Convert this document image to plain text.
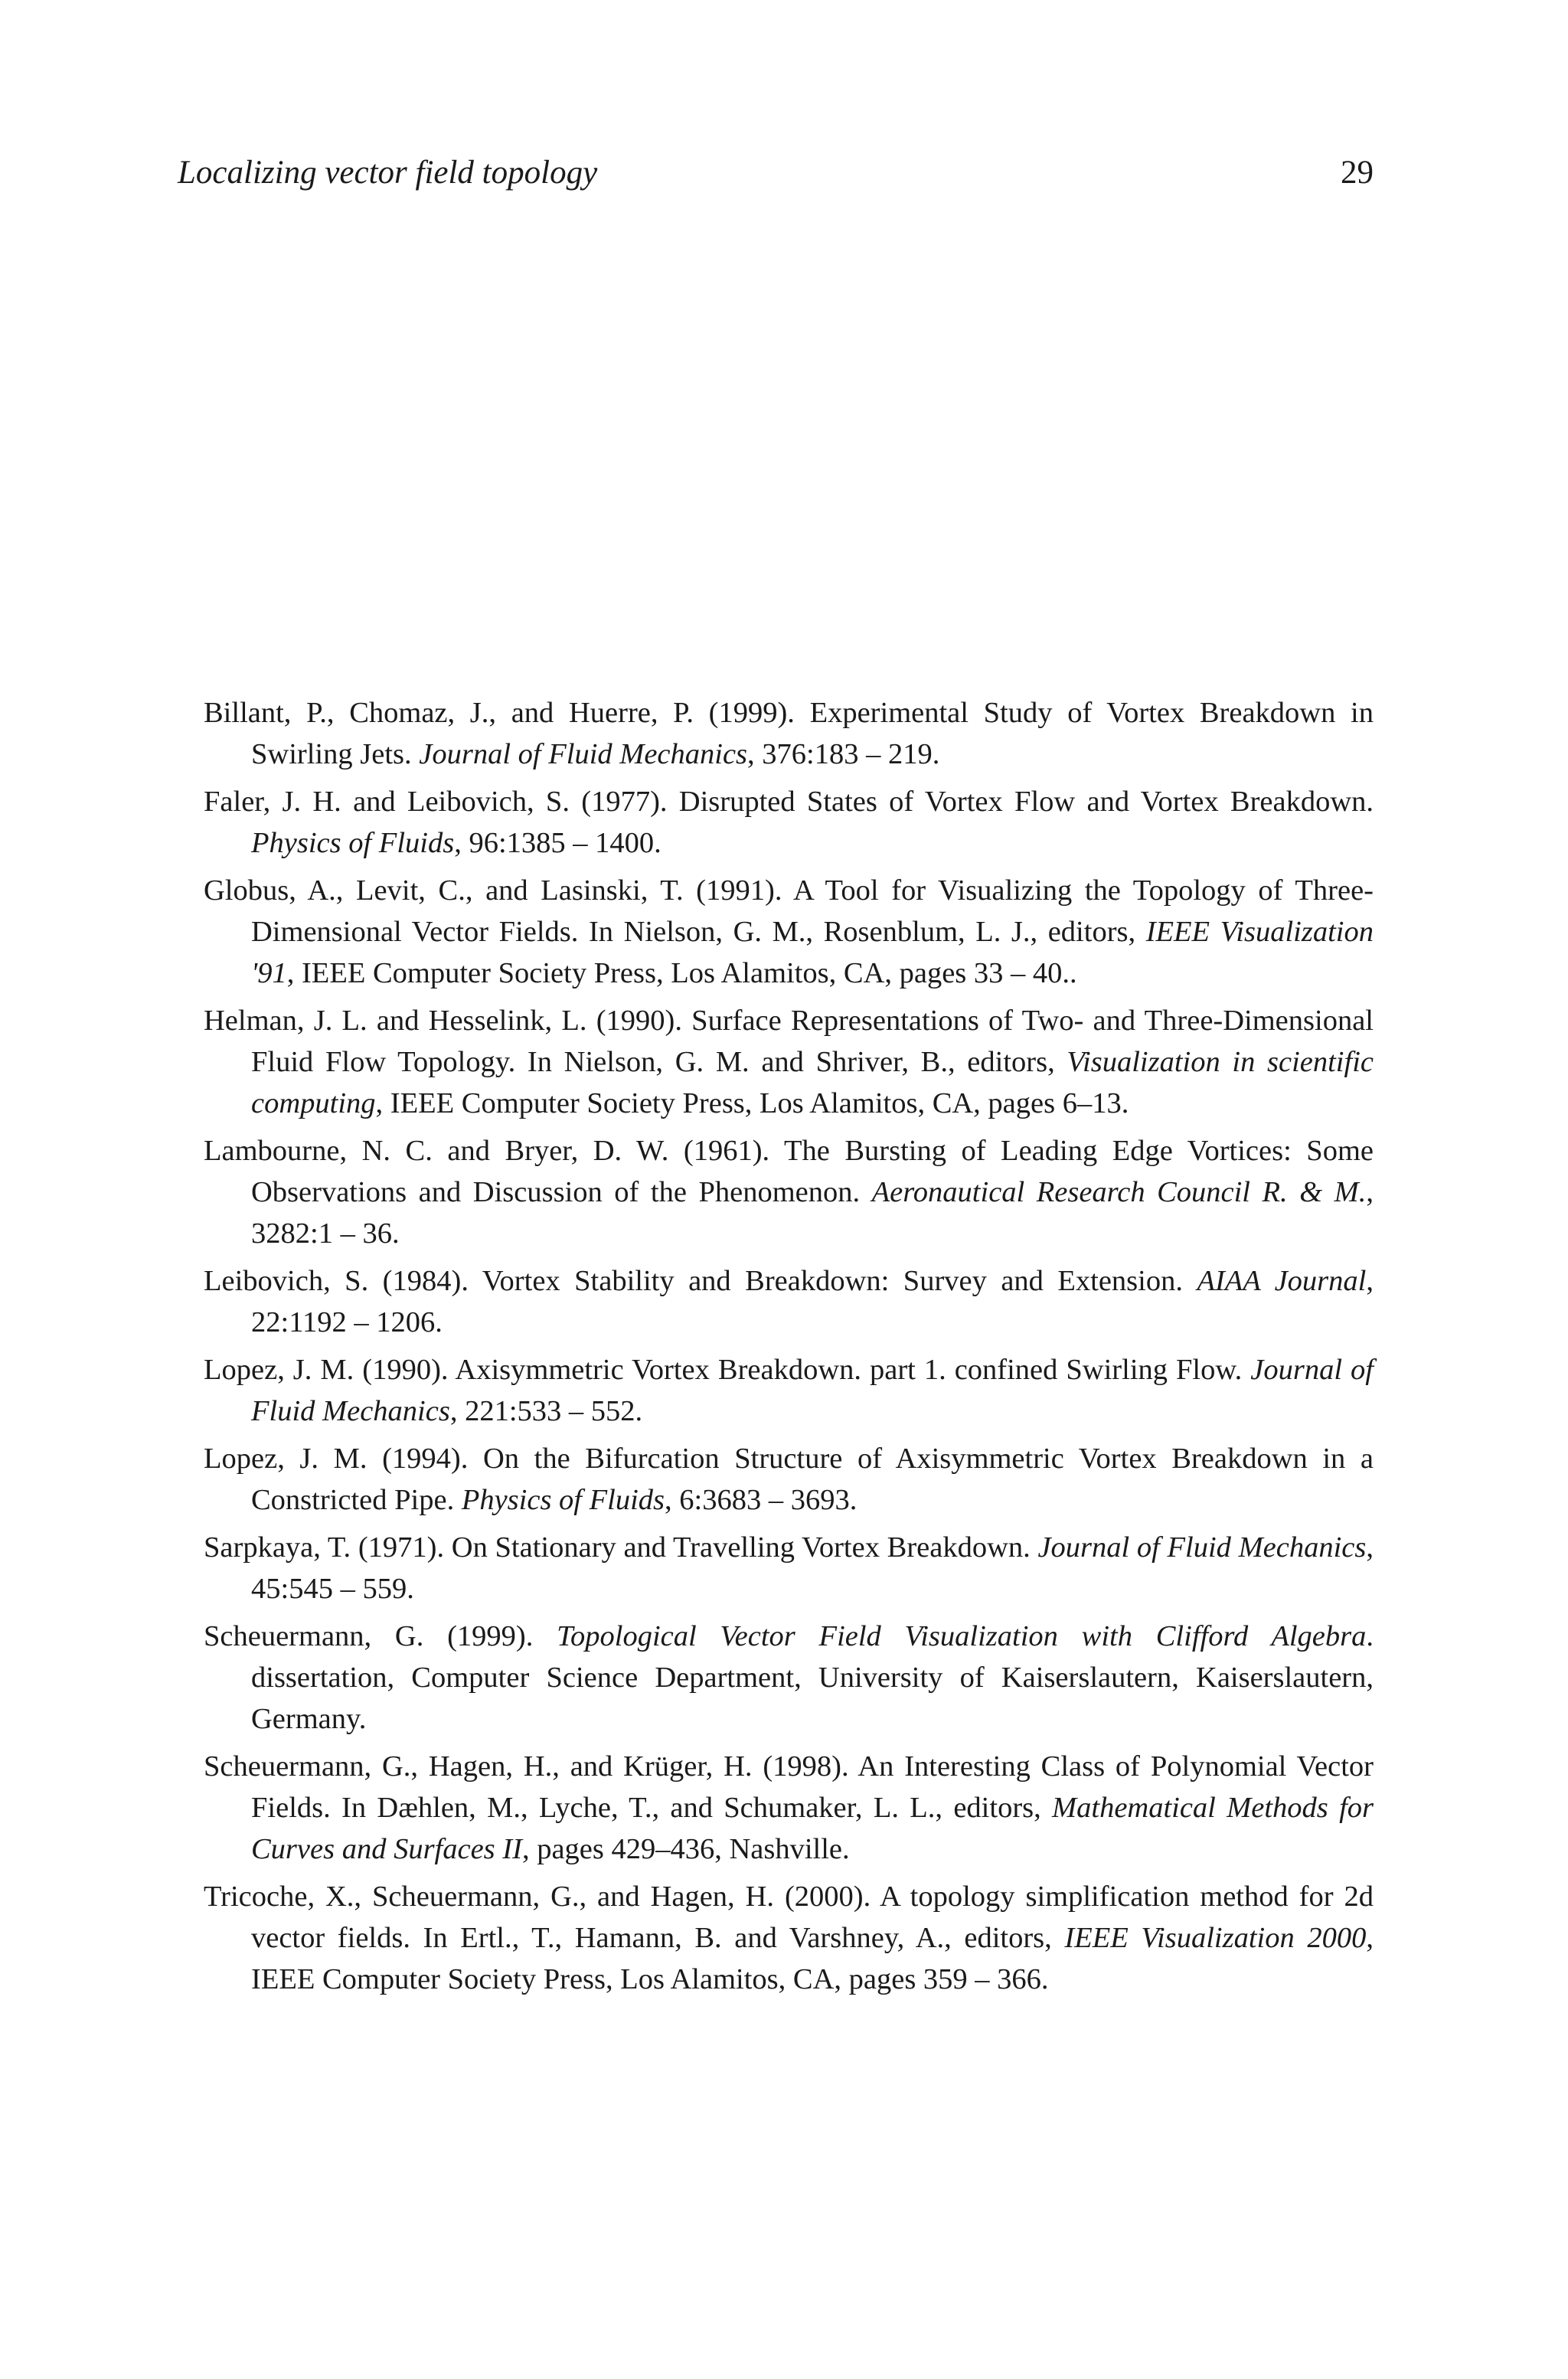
Localizing vector field topology	29
Billant, P., Chomaz, J., and Huerre, P. (1999). Experimental Study of Vortex Breakdown in Swirling Jets. Journal of Fluid Mechanics, 376:183 – 219.
Faler, J. H. and Leibovich, S. (1977). Disrupted States of Vortex Flow and Vortex Breakdown. Physics of Fluids, 96:1385 – 1400.
Globus, A., Levit, C., and Lasinski, T. (1991). A Tool for Visualizing the Topology of Three-Dimensional Vector Fields. In Nielson, G. M., Rosenblum, L. J., editors, IEEE Visualization '91, IEEE Computer Society Press, Los Alamitos, CA, pages 33 – 40..
Helman, J. L. and Hesselink, L. (1990). Surface Representations of Two- and Three-Dimensional Fluid Flow Topology. In Nielson, G. M. and Shriver, B., editors, Visualization in scientific computing, IEEE Computer Society Press, Los Alamitos, CA, pages 6–13.
Lambourne, N. C. and Bryer, D. W. (1961). The Bursting of Leading Edge Vortices: Some Observations and Discussion of the Phenomenon. Aeronautical Research Council R. & M., 3282:1 – 36.
Leibovich, S. (1984). Vortex Stability and Breakdown: Survey and Extension. AIAA Journal, 22:1192 – 1206.
Lopez, J. M. (1990). Axisymmetric Vortex Breakdown. part 1. confined Swirling Flow. Journal of Fluid Mechanics, 221:533 – 552.
Lopez, J. M. (1994). On the Bifurcation Structure of Axisymmetric Vortex Breakdown in a Constricted Pipe. Physics of Fluids, 6:3683 – 3693.
Sarpkaya, T. (1971). On Stationary and Travelling Vortex Breakdown. Journal of Fluid Mechanics, 45:545 – 559.
Scheuermann, G. (1999). Topological Vector Field Visualization with Clifford Algebra. dissertation, Computer Science Department, University of Kaiserslautern, Kaiserslautern, Germany.
Scheuermann, G., Hagen, H., and Krüger, H. (1998). An Interesting Class of Polynomial Vector Fields. In Dæhlen, M., Lyche, T., and Schumaker, L. L., editors, Mathematical Methods for Curves and Surfaces II, pages 429–436, Nashville.
Tricoche, X., Scheuermann, G., and Hagen, H. (2000). A topology simplification method for 2d vector fields. In Ertl., T., Hamann, B. and Varshney, A., editors, IEEE Visualization 2000, IEEE Computer Society Press, Los Alamitos, CA, pages 359 – 366.
